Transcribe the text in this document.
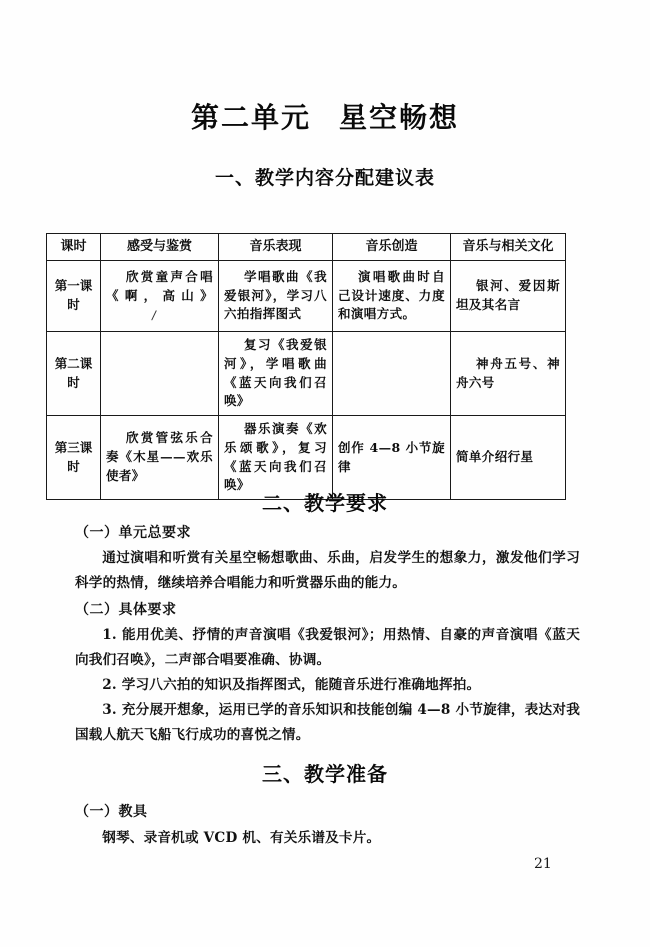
第二单元 星空畅想
一、教学内容分配建议表
课时	感受与鉴赏	音乐表现	音乐创造	音乐与相关文化
第一课时	欣赏童声合唱《啊，高山》/	学唱歌曲《我爱银河》，学习八六拍指挥图式	演唱歌曲时自己设计速度、力度和演唱方式。	银河、爱因斯坦及其名言
第二课时		复习《我爱银河》，学唱歌曲《蓝天向我们召唤》		神舟五号、神舟六号
第三课时	欣赏管弦乐合奏《木星——欢乐使者》	器乐演奏《欢乐颂歌》，复习《蓝天向我们召唤》	创作 4—8 小节旋律	简单介绍行星
二、教学要求
（一）单元总要求
通过演唱和听赏有关星空畅想歌曲、乐曲，启发学生的想象力，激发他们学习科学的热情，继续培养合唱能力和听赏器乐曲的能力。
（二）具体要求
1. 能用优美、抒情的声音演唱《我爱银河》；用热情、自豪的声音演唱《蓝天向我们召唤》，二声部合唱要准确、协调。
2. 学习八六拍的知识及指挥图式，能随音乐进行准确地挥拍。
3. 充分展开想象，运用已学的音乐知识和技能创编 4—8 小节旋律，表达对我国载人航天飞船飞行成功的喜悦之情。
三、教学准备
（一）教具
钢琴、录音机或 VCD 机、有关乐谱及卡片。
21
